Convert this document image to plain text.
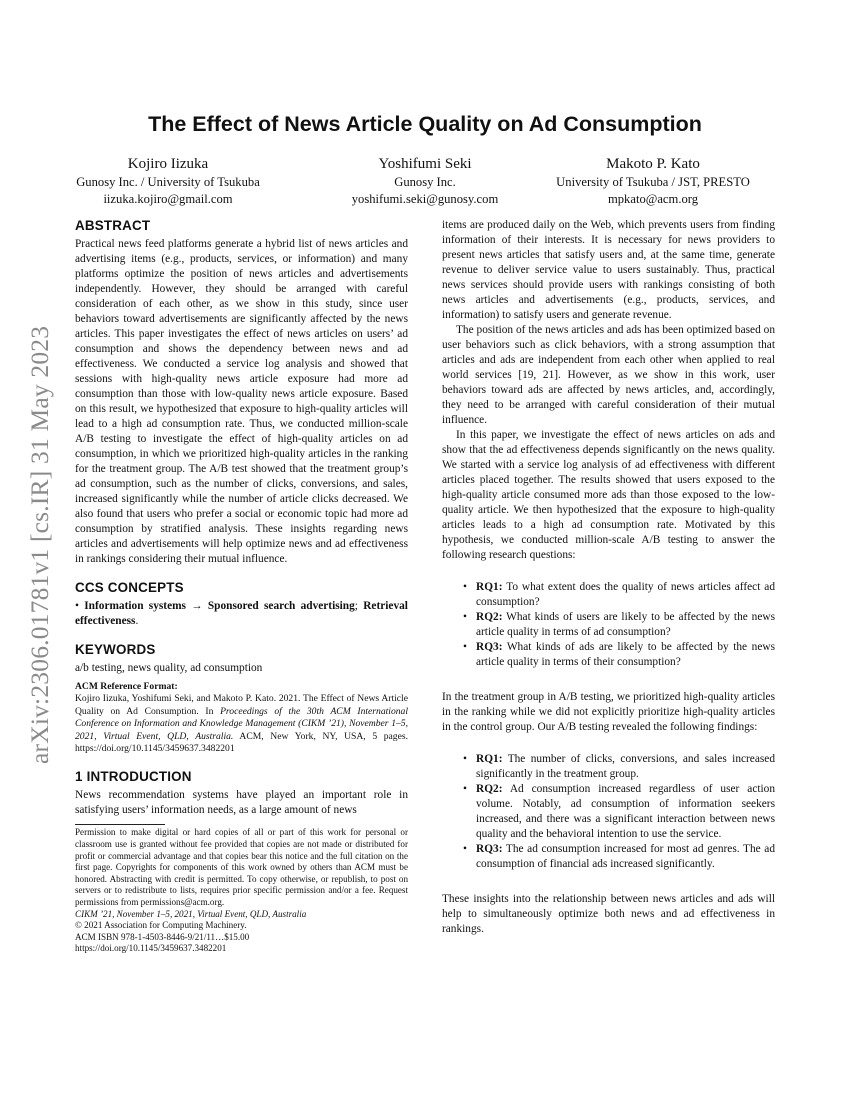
arXiv:2306.01781v1 [cs.IR] 31 May 2023
The Effect of News Article Quality on Ad Consumption
Kojiro Iizuka
Gunosy Inc. / University of Tsukuba
iizuka.kojiro@gmail.com
Yoshifumi Seki
Gunosy Inc.
yoshifumi.seki@gunosy.com
Makoto P. Kato
University of Tsukuba / JST, PRESTO
mpkato@acm.org
ABSTRACT

Practical news feed platforms generate a hybrid list of news articles and advertising items (e.g., products, services, or information) and many platforms optimize the position of news articles and advertisements independently. However, they should be arranged with careful consideration of each other, as we show in this study, since user behaviors toward advertisements are significantly affected by the news articles. This paper investigates the effect of news articles on users’ ad consumption and shows the dependency between news and ad effectiveness. We conducted a service log analysis and showed that sessions with high-quality news article exposure had more ad consumption than those with low-quality news article exposure. Based on this result, we hypothesized that exposure to high-quality articles will lead to a high ad consumption rate. Thus, we conducted million-scale A/B testing to investigate the effect of high-quality articles on ad consumption, in which we prioritized high-quality articles in the ranking for the treatment group. The A/B test showed that the treatment group’s ad consumption, such as the number of clicks, conversions, and sales, increased significantly while the number of article clicks decreased. We also found that users who prefer a social or economic topic had more ad consumption by stratified analysis. These insights regarding news articles and advertisements will help optimize news and ad effectiveness in rankings considering their mutual influence.

CCS CONCEPTS

• Information systems → Sponsored search advertising; Retrieval effectiveness.

KEYWORDS

a/b testing, news quality, ad consumption

ACM Reference Format:

Kojiro Iizuka, Yoshifumi Seki, and Makoto P. Kato. 2021. The Effect of News Article Quality on Ad Consumption. In Proceedings of the 30th ACM International Conference on Information and Knowledge Management (CIKM ’21), November 1–5, 2021, Virtual Event, QLD, Australia. ACM, New York, NY, USA, 5 pages. https://doi.org/10.1145/3459637.3482201

1 INTRODUCTION

News recommendation systems have played an important role in satisfying users’ information needs, as a large amount of news

Permission to make digital or hard copies of all or part of this work for personal or classroom use is granted without fee provided that copies are not made or distributed for profit or commercial advantage and that copies bear this notice and the full citation on the first page. Copyrights for components of this work owned by others than ACM must be honored. Abstracting with credit is permitted. To copy otherwise, or republish, to post on servers or to redistribute to lists, requires prior specific permission and/or a fee. Request permissions from permissions@acm.org.

CIKM ’21, November 1–5, 2021, Virtual Event, QLD, Australia

© 2021 Association for Computing Machinery.

ACM ISBN 978-1-4503-8446-9/21/11…$15.00

https://doi.org/10.1145/3459637.3482201

items are produced daily on the Web, which prevents users from finding information of their interests. It is necessary for news providers to present news articles that satisfy users and, at the same time, generate revenue to deliver service value to users sustainably. Thus, practical news services should provide users with rankings consisting of both news articles and advertisements (e.g., products, services, and information) to satisfy users and generate revenue.

The position of the news articles and ads has been optimized based on user behaviors such as click behaviors, with a strong assumption that articles and ads are independent from each other when applied to real world services [19, 21]. However, as we show in this work, user behaviors toward ads are affected by news articles, and, accordingly, they need to be arranged with careful consideration of their mutual influence.

In this paper, we investigate the effect of news articles on ads and show that the ad effectiveness depends significantly on the news quality. We started with a service log analysis of ad effectiveness with different articles placed together. The results showed that users exposed to the high-quality article consumed more ads than those exposed to the low-quality article. We then hypothesized that the exposure to high-quality articles leads to a high ad consumption rate. Motivated by this hypothesis, we conducted million-scale A/B testing to answer the following research questions:

• RQ1: To what extent does the quality of news articles affect ad consumption?
• RQ2: What kinds of users are likely to be affected by the news article quality in terms of ad consumption?
• RQ3: What kinds of ads are likely to be affected by the news article quality in terms of their consumption?

In the treatment group in A/B testing, we prioritized high-quality articles in the ranking while we did not explicitly prioritize high-quality articles in the control group. Our A/B testing revealed the following findings:

• RQ1: The number of clicks, conversions, and sales increased significantly in the treatment group.
• RQ2: Ad consumption increased regardless of user action volume. Notably, ad consumption of information seekers increased, and there was a significant interaction between news quality and the behavioral intention to use the service.
• RQ3: The ad consumption increased for most ad genres. The ad consumption of financial ads increased significantly.

These insights into the relationship between news articles and ads will help to simultaneously optimize both news and ad effectiveness in rankings.
